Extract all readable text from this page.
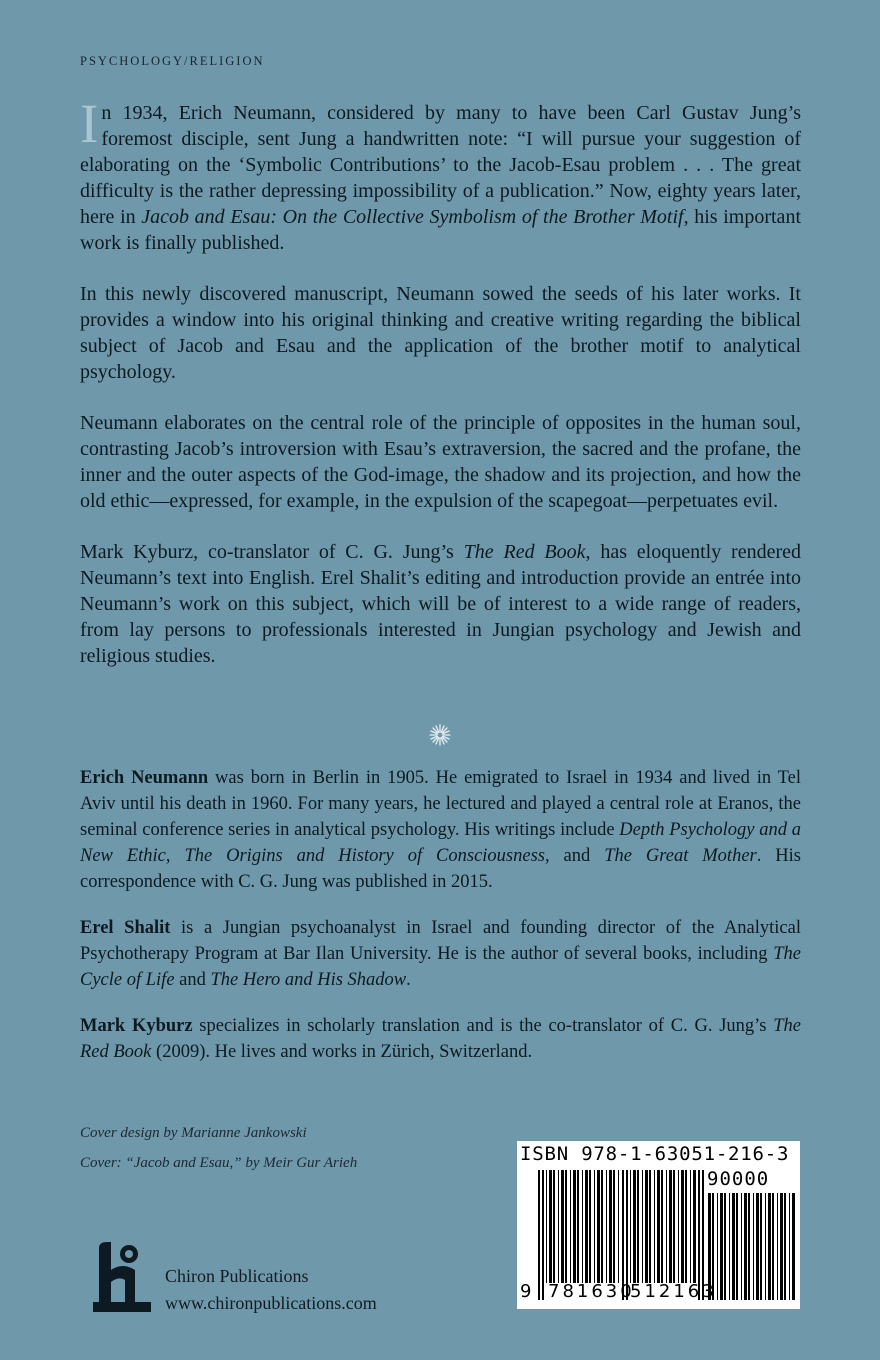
PSYCHOLOGY/RELIGION

In 1934, Erich Neumann, considered by many to have been Carl Gustav Jung’s foremost disciple, sent Jung a handwritten note: “I will pursue your suggestion of elaborating on the ‘Symbolic Contributions’ to the Jacob-Esau problem . . . The great difficulty is the rather depressing impossibility of a publication.” Now, eighty years later, here in Jacob and Esau: On the Collective Symbolism of the Brother Motif, his important work is finally published.

In this newly discovered manuscript, Neumann sowed the seeds of his later works. It provides a window into his original thinking and creative writing regarding the biblical subject of Jacob and Esau and the application of the brother motif to analytical psychology.

Neumann elaborates on the central role of the principle of opposites in the human soul, contrasting Jacob’s introversion with Esau’s extraversion, the sacred and the profane, the inner and the outer aspects of the God-image, the shadow and its projection, and how the old ethic—expressed, for example, in the expulsion of the scapegoat—perpetuates evil.

Mark Kyburz, co-translator of C. G. Jung’s The Red Book, has eloquently rendered Neumann’s text into English. Erel Shalit’s editing and introduction provide an entrée into Neumann’s work on this subject, which will be of interest to a wide range of readers, from lay persons to professionals interested in Jungian psychology and Jewish and religious studies.

Erich Neumann was born in Berlin in 1905. He emigrated to Israel in 1934 and lived in Tel Aviv until his death in 1960. For many years, he lectured and played a central role at Eranos, the seminal conference series in analytical psychology. His writings include Depth Psychology and a New Ethic, The Origins and History of Consciousness, and The Great Mother. His correspondence with C. G. Jung was published in 2015.

Erel Shalit is a Jungian psychoanalyst in Israel and founding director of the Analytical Psychotherapy Program at Bar Ilan University. He is the author of several books, including The Cycle of Life and The Hero and His Shadow.

Mark Kyburz specializes in scholarly translation and is the co-translator of C. G. Jung’s The Red Book (2009). He lives and works in Zürich, Switzerland.

Cover design by Marianne Jankowski
Cover: “Jacob and Esau,” by Meir Gur Arieh
Chiron Publications
www.chironpublications.com
ISBN 978-1-63051-216-3
90000
9 781630
512163
